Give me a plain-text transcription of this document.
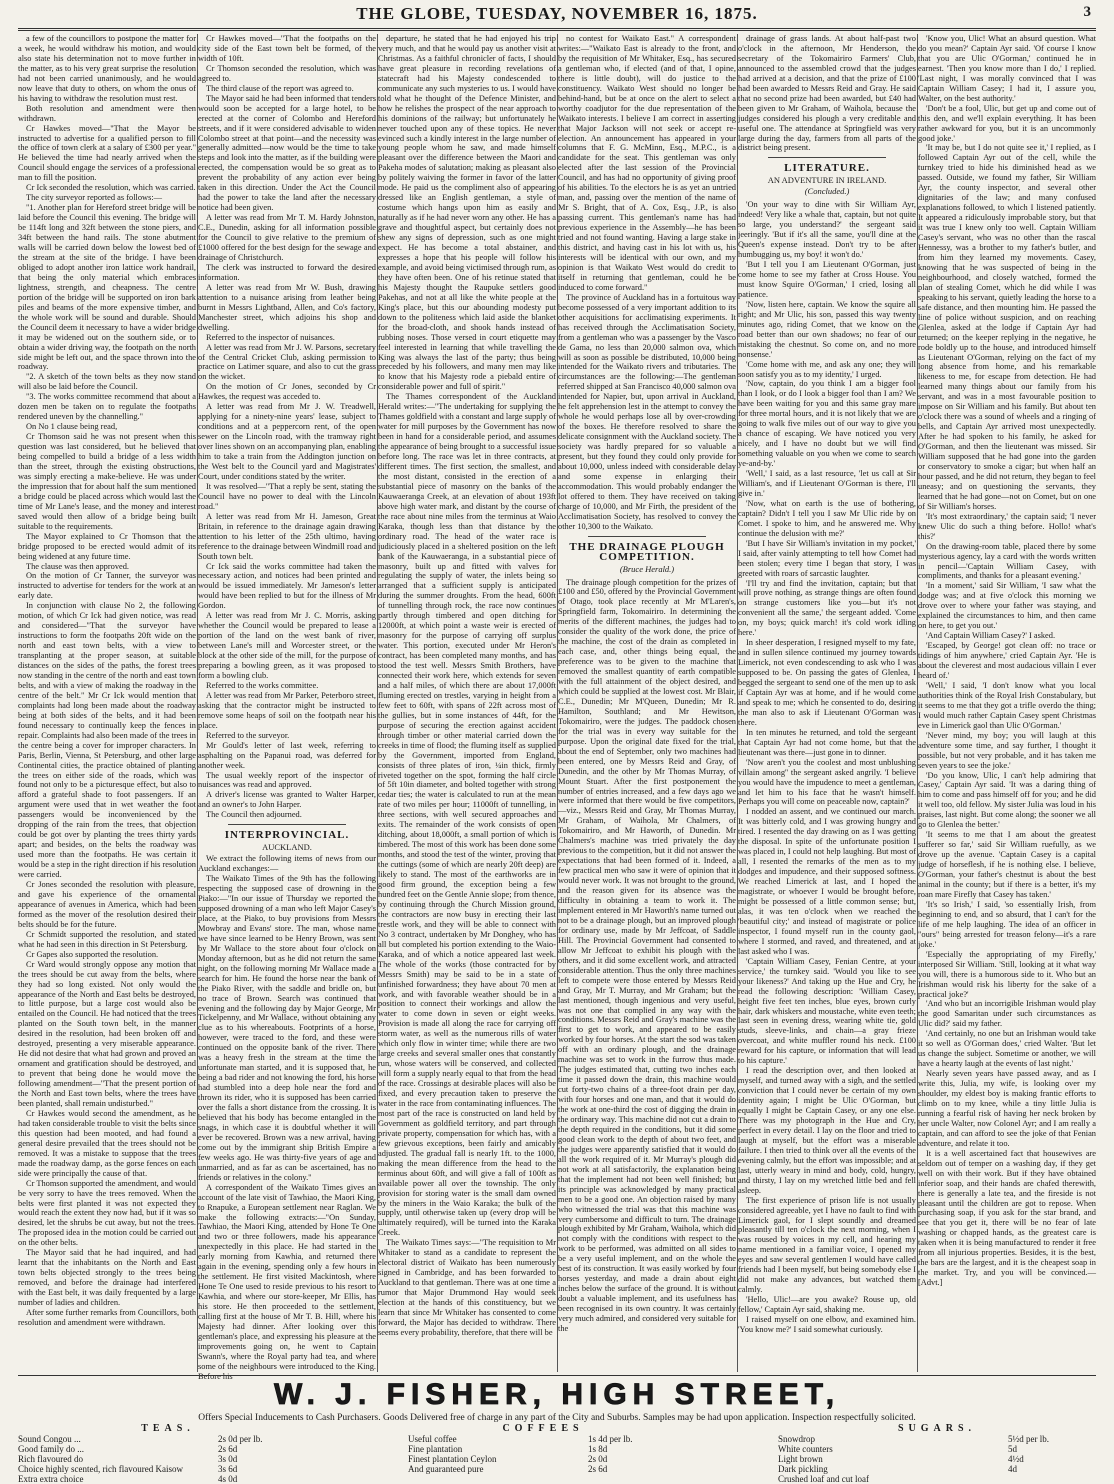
THE GLOBE, TUESDAY, NOVEMBER 16, 1875.	3

a few of the councillors to postpone the matter for a week, he would withdraw his motion, and would also state his determination not to move further in the matter, as to his very great surprise the resolution had not been carried unanimously, and he would now leave that duty to others, on whom the onus of his having to withdraw the resolution must rest.

Both resolution and amendment were then withdrawn.

Cr Hawkes moved—"That the Mayor be instructed to advertise for a qualified person to fill the office of town clerk at a salary of £300 per year." He believed the time had nearly arrived when the Council should engage the services of a professional man to fill the position.

Cr Ick seconded the resolution, which was carried.

The city surveyor reported as follows:—

"1. Another plan for Hereford street bridge will be laid before the Council this evening. The bridge will be 114ft long and 32ft between the stone piers, and 34ft between the hand rails. The stone abutment walls will be carried down below the lowest bed of the stream at the site of the bridge. I have been obliged to adopt another iron lattice work handrail, that being the only material which embraces lightness, strength, and cheapness. The centre portion of the bridge will be supported on iron bark piles and beams of the more expensive timber, and the whole work will be sound and durable. Should the Council deem it necessary to have a wider bridge it may be widened out on the southern side, or to obtain a wider driving way, the footpath on the north side might be left out, and the space thrown into the roadway.

"2. A sketch of the town belts as they now stand will also be laid before the Council.

"3. The works committee recommend that about a dozen men be taken on to regulate the footpaths rendered uneven by the channelling."

On No 1 clause being read,

Cr Thomson said he was not present when this question was last considered, but he believed that being compelled to build a bridge of a less width than the street, through the existing obstructions, was simply erecting a make-believe. He was under the impression that for about half the sum mentioned a bridge could be placed across which would last the time of Mr Lane's lease, and the money and interest saved would then allow of a bridge being built suitable to the requirements.

The Mayor explained to Cr Thomson that the bridge proposed to be erected would admit of its being widened at any future time.

The clause was then approved.

On the motion of Cr Tanner, the surveyor was instructed to advertise for tenders for the work at an early date.

In conjunction with clause No 2, the following motion, of which Cr Ick had given notice, was read and considered—"That the surveyor have instructions to form the footpaths 20ft wide on the north and east town belts, with a view to transplanting at the proper season, at suitable distances on the sides of the paths, the forest trees now standing in the centre of the north and east town belts, and with a view of making the roadway in the centre of the belt." Mr Cr Ick would mention that complaints had long been made about the roadway being at both sides of the belts, and it had been found necessary to continually keep the fences in repair. Complaints had also been made of the trees in the centre being a cover for improper characters. In Paris, Berlin, Vienna, St Petersburg, and other large Continental cities, the practice obtained of planting the trees on either side of the roads, which was found not only to be a picturesque effect, but also to afford a grateful shade to foot passengers. If an argument were used that in wet weather the foot passengers would be inconvenienced by the dropping of the rain from the trees, that objection could be got over by planting the trees thirty yards apart; and besides, on the belts the roadway was used more than the footpaths. He was certain it would be a step in the right direction if his resolution were carried.

Cr Jones seconded the resolution with pleasure, and gave his experience of the ornamental appearance of avenues in America, which had been formed as the mover of the resolution desired their belts should be for the future.

Cr Schmidt supported the resolution, and stated what he had seen in this direction in St Petersburg.

Cr Gapes also supported the resolution.

Cr Ward would strongly oppose any motion that the trees should be cut away from the belts, where they had so long existed. Not only would the appearance of the North and East belts be destroyed, to little purpose, but a large cost would also be entailed on the Council. He had noticed that the trees planted on the South town belt, in the manner desired in the resolution, had been broken off and destroyed, presenting a very miserable appearance. He did not desire that what had grown and proved an ornament and gratification should be destroyed, and to prevent that being done he would move the following amendment—"That the present portion of the North and East town belts, where the trees have been planted, shall remain undisturbed."

Cr Hawkes would second the amendment, as he had taken considerable trouble to visit the belts since this question had been mooted, and had found a general desire prevailed that the trees should not be removed. It was a mistake to suppose that the trees made the roadway damp, as the gorse fences on each side were principally the cause of that.

Cr Thomson supported the amendment, and would be very sorry to have the trees removed. When the belts were first planted it was not expected they would reach the extent they now had, but if it was so desired, let the shrubs be cut away, but not the trees. The proposed idea in the motion could be carried out on the other belts.

The Mayor said that he had inquired, and had learnt that the inhabitants on the North and East town belts objected strongly to the trees being removed, and before the drainage had interfered with the East belt, it was daily frequented by a large number of ladies and children.

After some further remarks from Councillors, both resolution and amendment were withdrawn.

Cr Hawkes moved—"That the footpaths on the city side of the East town belt be formed, of the width of 10ft.

Cr Thomson seconded the resolution, which was agreed to.

The third clause of the report was agreed to.

The Mayor said he had been informed that tenders would soon be accepted for a large hotel, to be erected at the corner of Colombo and Hereford streets, and if it were considered advisable to widen Colombo street at that point—and the necessity was generally admitted—now would be the time to take steps and look into the matter, as if the building were erected, the compensation would be so great as to prevent the probability of any action ever being taken in this direction. Under the Act the Council had the power to take the land after the necessary notice had been given.

A letter was read from Mr T. M. Hardy Johnston, C.E., Dunedin, asking for all information possible for the Council to give relative to the premium of £1000 offered for the best design for the sewage and drainage of Christchurch.

The clerk was instructed to forward the desired information.

A letter was read from Mr W. Bush, drawing attention to a nuisance arising from leather being burnt in Messrs Lightband, Allen, and Co's factory, Manchester street, which adjoins his shop and dwelling.

Referred to the inspector of nuisances.

A letter was read from Mr J. W. Parsons, secretary of the Central Cricket Club, asking permission to practice on Latimer square, and also to cut the grass on the wicket.

On the motion of Cr Jones, seconded by Cr Hawkes, the request was acceded to.

A letter was read from Mr J. W. Treadwell, applying for a ninety-nine years' lease, subject to conditions and at a peppercorn rent, of the open sewer on the Lincoln road, with the tramway right over lines shown on an accompanying plan, enabling him to take a train from the Addington junction on the West belt to the Council yard and Magistrates' Court, under conditions stated by the writer.

It was resolved—"That a reply be sent, stating the Council have no power to deal with the Lincoln road."

A letter was read from Mr H. Jameson, Great Britain, in reference to the drainage again drawing attention to his letter of the 25th ultimo, having reference to the drainage between Windmill road and South town belt.

Cr Ick said the works committee had taken the necessary action, and notices had been printed and would be issued immediately. Mr Jameson's letter would have been replied to but for the illness of Mr Gordon.

A letter was read from Mr J. C. Morris, asking whether the Council would be prepared to lease a portion of the land on the west bank of river, between Lane's mill and Worcester street, or the block at the other side of the mill, for the purpose of preparing a bowling green, as it was proposed to form a bowling club.

Referred to the works committee.

A letter was read from Mr Parker, Peterboro street, asking that the contractor might be instructed to remove some heaps of soil on the footpath near his place.

Referred to the surveyor.

Mr Gould's letter of last week, referring to asphalting on the Papanui road, was deferred for another week.

The usual weekly report of the inspector of nuisances was read and approved.

A driver's license was granted to Walter Harper, and an owner's to John Harper.

The Council then adjourned.

INTERPROVINCIAL.
AUCKLAND.

We extract the following items of news from our Auckland exchanges:—

The Waikato Times of the 9th has the following respecting the supposed case of drowning in the Piako:—"In our issue of Thursday we reported the supposed drowning of a man who left Major Casey's place, at the Piako, to buy provisions from Messrs Mowbray and Evans' store. The man, whose name we have since learned to be Henry Brown, was sent by Mr Wallace to the store about four o'clock on Monday afternoon, but as he did not return the same night, on the following morning Mr Wallace made a search for him. He found the horse near the bank of the Piako River, with the saddle and bridle on, but no trace of Brown. Search was continued that evening and the following day by Major George, Mr Tickelpenny, and Mr Wallace, without obtaining any clue as to his whereabouts. Footprints of a horse, however, were traced to the ford, and these were continued on the opposite bank of the river. There was a heavy fresh in the stream at the time the unfortunate man started, and it is supposed that, he being a bad rider and not knowing the ford, his horse had stumbled into a deep hole near the ford and thrown its rider, who it is supposed has been carried over the falls a short distance from the crossing. It is believed that his body has become entangled in the snags, in which case it is doubtful whether it will ever be recovered. Brown was a new arrival, having come out by the immigrant ship British Empire a few weeks ago. He was thirty-five years of age and unmarried, and as far as can be ascertained, has no friends or relatives in the colony."

A correspondent of the Waikato Times gives an account of the late visit of Tawhiao, the Maori King, to Rnapuke, a European settlement near Raglan. We make the following extracts:—"On Sunday, Tawhiao, the Maori King, attended by Hone Te One and two or three followers, made his appearance unexpectedly in this place. He had started in the early morning from Kawhia, and returned there again in the evening, spending only a few hours in the settlement. He first visited Mackintosh, where Hone Te One used to reside previous to his resort to Kawhia, and where our store-keeper, Mr Ellis, has his store. He then proceeded to the settlement, calling first at the house of Mr T. B. Hill, where his Majesty had dinner. After looking over this gentleman's place, and expressing his pleasure at the improvements going on, he went to Captain Swann's, where the Royal party had tea, and where some of the neighbours were introduced to the King. Before his

departure, he stated that he had enjoyed his trip very much, and that he would pay us another visit at Christmas. As a faithful chronicler of facts, I should have great pleasure in recording revelations of statecraft had his Majesty condescended to communicate any such mysteries to us. I would have told what he thought of the Defence Minister, and how he relishes the prospect of the near approach to his dominions of the railway; but unfortunately he never touched upon any of these topics. He never evinced such a kindly interest in the large number of young people whom he saw, and made himself pleasant over the difference between the Maori and Pakeha modes of salutation; making as pleasant also by politely waiving the former in favor of the latter mode. He paid us the compliment also of appearing dressed like an English gentleman, a style of costume which hangs upon him as easily and naturally as if he had never worn any other. He has a grave and thoughtful aspect, but certainly does not shew any signs of depression, such as one might expect. He has become a total abstainer, and expresses a hope that his people will follow his example, and avoid being victimised through rum, as they have often been. One of his retinue stated that his Majesty thought the Raupuke settlers good Pakehas, and not at all like the white people at the King's place, but this our abounding modesty put down to the politeness which laid aside the blanket for the broad-cloth, and shook hands instead of rubbing noses. Those versed in court etiquette may feel interested in learning that while travelling the King was always the last of the party; thus being preceded by his followers, and many men may like to know that his Majesty rode a piebald entire of considerable power and full of spirit."

The Thames correspondent of the Auckland Herald writes:—"The undertaking for supplying the Thames goldfield with a constant and large supply of water for mill purposes by the Government has now been in hand for a considerable period, and assumes the appearance of being brought to a successful issue before long. The race was let in three contracts, at different times. The first section, the smallest, and the most distant, consisted in the erection of a substantial piece of masonry on the banks of the Kauwaeranga Creek, at an elevation of about 193ft above high water mark, and distant by the course of the race about nine miles from the terminus at Waio Karaka, though less than that distance by the ordinary road. The head of the water race is judiciously placed in a sheltered position on the left bank of the Kauwaeranga, in a substantial piece of masonry, built up and fitted with valves for regulating the supply of water, the inlets being so arranged that a sufficient supply is anticipated during the summer droughts. From the head, 600ft of tunnelling through rock, the race now continues partly through timbered and open ditching for 12000ft, at which point a waste weir is erected of masonry for the purpose of carrying off surplus water. This portion, executed under Mr Heron's contract, has been completed many months, and has stood the test well. Messrs Smith Brothers, have connected their work here, which extends for seven and a half miles, of which there are about 17,000ft fluming erected on trestles, varying in height from a few feet to 60ft, with spans of 22ft across most of the gullies, but in some instances of 44ft, for the purpose of securing the erection against accident through timber or other material carried down the creeks in time of flood; the fluming itself as supplied by the Government, imported from England, consists of three plates of iron, ¼in thick, firmly riveted together on the spot, forming the half circle of 5ft 10in diameter, and bolted together with strong cedar ties; the water is calculated to run at the mean rate of two miles per hour; 11000ft of tunnelling, in three sections, with well secured approaches and exits. The remainder of the work consists of open ditching, about 18,000ft, a small portion of which is timbered. The most of this work has been done some months, and stood the test of the winter, proving that the cuttings (some of which are nearly 20ft deep) are likely to stand. The most of the earthworks are in good firm ground, the exception being a few hundred feet on the Gentle Annie slope; from thence, by continuing through the Church Mission ground, the contractors are now busy in erecting their last trestle work, and they will be able to connect with No 3 contract, undertaken by Mr Donghey, who has all but completed his portion extending to the Waio-Karaka, and of which a notice appeared last week. The whole of the works (those contracted for by Messrs Smith) may be said to be in a state of unfinished forwardness; they have about 70 men at work, and with favorable weather should be in a position to connect their workings and allow the water to come down in seven or eight weeks. Provision is made all along the race for carrying off storm water, as well as the numerous rills of water which only flow in winter time; while there are two large creeks and several smaller ones that constantly run, whose waters will be conserved, and collected will form a supply nearly equal to that from the head of the race. Crossings at desirable places will also be fixed, and every precaution taken to preserve the water in the race from contaminating influences. The most part of the race is constructed on land held by Government as goldfield territory, and part through private property, compensation for which has, with a few grievous exceptions, been fairly and amicably adjusted. The gradual fall is nearly 1ft. to the 1000, making the mean difference from the head to the terminus about 60ft, and will give a fall of 100ft as available power all over the township. The only provision for storing water is the small dam owned by the miners in the Waio Karaka; the bulk of the supply, until otherwise taken up (every drop will be ultimately required), will be turned into the Karaka Creek.

The Waikato Times says:—"The requisition to Mr Whitaker to stand as a candidate to represent the electoral district of Waikato has been numerously signed in Cambridge, and has been forwarded to Auckland to that gentleman. There was at one time a rumor that Major Drummond Hay would seek election at the hands of this constituency, but we learn that since Mr Whitaker has consented to come forward, the Major has decided to withdraw. There seems every probability, therefore, that there will be

no contest for Waikato East." A correspondent writes:—"Waikato East is already to the front, and by the requisition of Mr Whitaker, Esq., has secured a gentleman who, if elected (and of that, I opine, there is little doubt), will do justice to the constituency. Waikato West should no longer be behind-hand, but be at once on the alert to select a worthy coadjutor for the due representation of the Waikato interests. I believe I am correct in asserting that Major Jackson will not seek or accept re-election. An announcement has appeared in your columns that F. G. McMinn, Esq., M.P.C., is a candidate for the seat. This gentleman was only elected after the last session of the Provincial Council, and has had no opportunity of giving proof of his abilities. To the electors he is as yet an untried man, and, passing over the mention of the name of Mr S. Bright, that of A. Cox, Esq., J.P., is also passing current. This gentleman's name has had previous experience in the Assembly—he has been tried and not found wanting. Having a large stake in this district, and having cast in his lot with us, his interests will be identical with our own, and my opinion is that Waikato West would do credit to itself in returning that gentleman, could he be induced to come forward."

The province of Auckland has in a fortuitous way become possessed of a very important addition to its other acquisitions for acclimatising experiments. It has received through the Acclimatisation Society, from a gentleman who was a passenger by the Vasco de Gama, no less than 20,000 salmon ova, which will as soon as possible be distributed, 10,000 being intended for the Waikato rivers and tributaries. The circumstances are the following:—The gentleman referred shipped at San Francisco 40,000 salmon ova intended for Napier, but, upon arrival in Auckland, he felt apprehension lest in the attempt to convey the whole he would perhaps lose all by over-crowding of the boxes. He therefore resolved to share the delicate consignment with the Auckland society. The society was hardly prepared for so valuable a present, but they found they could only provide for about 10,000, unless indeed with considerable delay and some expense in enlarging their accommodation. This would probably endanger the lot offered to them. They have received on taking charge of 10,000, and Mr Firth, the president of the Acclimatisation Society, has resolved to convey the other 10,300 to the Waikato.

THE DRAINAGE PLOUGH COMPETITION.
(Bruce Herald.)

The drainage plough competition for the prizes of £100 and £50, offered by the Provincial Government of Otago, took place recently at Mr M'Laren's, Springfield farm, Tokomairiro. In determining the merits of the different machines, the judges had to consider the quality of the work done, the price of the machine, the cost of the drain as completed in each case, and, other things being equal, the preference was to be given to the machine that removed the smallest quantity of earth compatible with the full attainment of the object desired, and which could be supplied at the lowest cost. Mr Blair, C.E., Dunedin; Mr M'Queen, Dunedin; Mr R. Hamilton, Southland; and Mr Hewitson, Tokomairiro, were the judges. The paddock chosen for the trial was in every way suitable for the purpose. Upon the original date fixed for the trial, about the end of September, only two machines had been entered, one by Messrs Reid and Gray, of Dunedin, and the other by Mr Thomas Murray, of Mount Stuart. After the first postponement the number of entries increased, and a few days ago we were informed that there would be five competitors,—viz., Messrs Reid and Gray, Mr Thomas Murray, Mr Graham, of Waihola, Mr Chalmers, of Tokomairiro, and Mr Haworth, of Dunedin. Mr Chalmers's machine was tried privately the day previous to the competition, but it did not answer the expectations that had been formed of it. Indeed, a few practical men who saw it were of opinion that it would never work. It was not brought to the ground, and the reason given for its absence was the difficulty in obtaining a team to work it. The implement entered in Mr Haworth's name turned out not to be a drainage plough, but an improved plough for ordinary use, made by Mr Jeffcoat, of Saddle Hill. The Provincial Government had consented to allow Mr Jeffcoat to exhibit his plough with the others, and it did some excellent work, and attracted considerable attention. Thus the only three machines left to compete were those entered by Messrs Reid and Gray, Mr T. Murray, and Mr Graham; but the last mentioned, though ingenious and very useful, was not one that complied in any way with the conditions. Messrs Reid and Gray's machine was the first to get to work, and appeared to be easily worked by four horses. At the start the sod was taken off with an ordinary plough, and the drainage machine was set to work in the furrow thus made. The judges estimated that, cutting two inches each time it passed down the drain, this machine would cut forty-two chains of a three-foot drain per day, with four horses and one man, and that it would do the work at one-third the cost of digging the drain in the ordinary way. This machine did not cut a drain to the depth required in the conditions, but it did some good clean work to the depth of about two feet, and the judges were apparently satisfied that it would do all the work required of it. Mr Murray's plough did not work at all satisfactorily, the explanation being that the implement had not been well finished; but its principle was acknowledged by many practical men to be a good one. An objection raised by many who witnessed the trial was that this machine was very cumbersome and difficult to turn. The drainage plough exhibited by Mr Graham, Waihola, which did not comply with the conditions with respect to the work to be performed, was admitted on all sides to be a very useful implement, and on the whole the best of its construction. It was easily worked by four horses yesterday, and made a drain about eight inches below the surface of the ground. It is without doubt a valuable implement, and its usefulness has been recognised in its own country. It was certainly very much admired, and considered very suitable for the

drainage of grass lands. At about half-past two o'clock in the afternoon, Mr Henderson, the secretary of the Tokomairiro Farmers' Club, announced to the assembled crowd that the judges had arrived at a decision, and that the prize of £100 had been awarded to Messrs Reid and Gray. He said that no second prize had been awarded, but £40 had been given to Mr Graham, of Waihola, because the judges considered his plough a very creditable and useful one. The attendance at Springfield was very large during the day, farmers from all parts of the district being present.

LITERATURE.
AN ADVENTURE IN IRELAND.
(Concluded.)

'On your way to dine with Sir William Ayr, indeed! Very like a whale that, captain, but not quite so large, you understand?' the sergeant said jeeringly. 'But if it's all the same, you'll dine at the Queen's expense instead. Don't try to be after humbugging us, my boy! it won't do.'

'But I tell you I am Lieutenant O'Gorman, just come home to see my father at Cross House. You must know Squire O'Gorman,' I cried, losing all patience.

'Now, listen here, captain. We know the squire all right; and Mr Ulic, his son, passed this way twenty minutes ago, riding Comet, that we know on the road better than our own shadows; no fear of our mistaking the chestnut. So come on, and no more nonsense.'

'Come home with me, and ask any one; they will soon satisfy you as to my identity,' I urged.

'Now, captain, do you think I am a bigger fool than I look, or do I look a bigger fool than I am? We have been waiting for you and this same gray mare for three mortal hours, and it is not likely that we are going to walk five miles out of our way to give you a chance of escaping. We have noticed you very nicely, and I have no doubt but we will find something valuable on you when we come to search ye-and-by.'

'Well,' I said, as a last resource, 'let us call at Sir William's, and if Lieutenant O'Gorman is there, I'll give in.'

'Now, what on earth is the use of bothering, captain? Didn't I tell you I saw Mr Ulic ride by on Comet. I spoke to him, and he answered me. Why continue the delusion with me?'

'But I have Sir William's invitation in my pocket,' I said, after vainly attempting to tell how Comet had been stolen; every time I began that story, I was greeted with roars of sarcastic laughter.

'I'll try and find the invitation, captain; but that will prove nothing, as strange things are often found on strange customers like you—but it's not convenient all the same,' the sergeant added. 'Come on, my boys; quick march! it's cold work idling here.'

In sheer desperation, I resigned myself to my fate, and in sullen silence continued my journey towards Limerick, not even condescending to ask who I was supposed to be. On passing the gates of Glenlea, I begged the sergeant to send one of the men up to ask if Captain Ayr was at home, and if he would come and speak to me; which he consented to do, desiring the man also to ask if Lieutenant O'Gorman was there.

In ten minutes he returned, and told the sergeant that Captain Ayr had not come home, but that the lieutenant was there—just gone in to dinner.

'Now aren't you the coolest and most unblushing villain among'' the sergeant asked angrily. 'I believe you would have the impudence to meet a gentleman, and let him to his face that he wasn't himself. Perhaps you will come on peaceable now, captain?'

I nodded an assent, and we continued our march. It was bitterly cold, and I was growing hungry and tired. I resented the day drawing on as I was getting the disposal. In spite of the unfortunate position I was placed in, I could not help laughing. But most of all, I resented the remarks of the men as to my dodges and impudence, and their supposed softness. We reached Limerick at last, and I hoped the magistrate, or whoever I would be brought before, might be possessed of a little common sense; but, alas, it was ten o'clock when we reached the 'beautiful city;' and instead of magistrate or police inspector, I found myself run in the county gaol, where I stormed, and raved, and threatened, and at last asked who I was.

'Captain William Casey, Fenian Centre, at your service,' the turnkey said. 'Would you like to see your likeness?' And taking up the Hue and Cry, he read the following description: 'William Casey, height five feet ten inches, blue eyes, brown curly hair, dark whiskers and moustache, white even teeth; last seen in evening dress, wearing white tie, gold studs, sleeve-links, and chain—a gray frieze overcoat, and white muffler round his neck. £100 reward for his capture, or information that will lead to his capture.'

I read the description over, and then looked at myself, and turned away with a sigh, and the settled conviction that I could never be certain of my own identity again; I might be Ulic O'Gorman, but equally I might be Captain Casey, or any one else. There was my photograph in the Hue and Cry, perfect in every detail. I lay on the floor and tried to laugh at myself, but the effort was a miserable failure. I then tried to think over all the events of the evening calmly, but the effort was impossible; and at last, utterly weary in mind and body, cold, hungry, and thirsty, I lay on my wretched little bed and fell asleep.

The first experience of prison life is not usually considered agreeable, yet I have no fault to find with Limerick gaol, for I slept soundly and dreamed pleasantly till ten o'clock the next morning, when I was roused by voices in my cell, and hearing my name mentioned in a familiar voice, I opened my eyes and saw several gentlemen I would have called friends had I been myself, but being somebody else I did not make any advances, but watched them calmly.

'Hello, Ulic!—are you awake? Rouse up, old fellow,' Captain Ayr said, shaking me.

I raised myself on one elbow, and examined him. 'You know me?' I said somewhat curiously.

'Know you, Ulic! What an absurd question. What do you mean?' Captain Ayr said. 'Of course I know that you are Ulic O'Gorman,' continued he in earnest. 'Then you know more than I do,' I replied. 'Last night, I was morally convinced that I was Captain William Casey; I had it, I assure you, Walter, on the best authority.'

'Don't be a fool, Ulic, but get up and come out of this den, and we'll explain everything. It has been rather awkward for you, but it is an uncommonly good joke.'

'It may be, but I do not quite see it,' I replied, as I followed Captain Ayr out of the cell, while the turnkey tried to hide his diminished head as we passed. Outside, we found my father, Sir William Ayr, the county inspector, and several other dignitaries of the law; and many confused explanations followed, to which I listened patiently. It appeared a ridiculously improbable story, but that it was true I knew only too well. Captain William Casey's servant, who was no other than the rascal Hennessy, was a brother to my father's butler, and from him they learned my movements. Casey, knowing that he was suspected of being in the neighbourhood, and closely watched, formed the plan of stealing Comet, which he did while I was speaking to his servant, quietly leading the horse to a safe distance, and then mounting him. He passed the line of police without suspicion, and on reaching Glenlea, asked at the lodge if Captain Ayr had returned; on the keeper replying in the negative, he rode boldly up to the house, and introduced himself as Lieutenant O'Gorman, relying on the fact of my long absence from home, and his remarkable likeness to me, for escape from detection. He had learned many things about our family from his servant, and was in a most favourable position to impose on Sir William and his family. But about ten o'clock there was a sound of wheels and a ringing of bells, and Captain Ayr arrived most unexpectedly. After he had spoken to his family, he asked for O'Gorman, and then the lieutenant was missed. Sir William supposed that he had gone into the garden or conservatory to smoke a cigar; but when half an hour passed, and he did not return, they began to feel uneasy; and on questioning the servants, they learned that he had gone—not on Comet, but on one of Sir William's horses.

'It's most extraordinary,' the captain said; 'I never knew Ulic do such a thing before. Hollo! what's this?'

On the drawing-room table, placed there by some mysterious agency, lay a card with the words written in pencil—'Captain William Casey, with compliments, and thanks for a pleasant evening.'

'In a moment,' said Sir William, 'I saw what the dodge was; and at five o'clock this morning we drove over to where your father was staying, and explained the circumstances to him, and then came on here, to get you out.'

'And Captain William Casey?' I asked.

'Escaped, by George! got clean off: no trace or tidings of him anywhere,' cried Captain Ayr. 'He is about the cleverest and most audacious villain I ever heard of.'

'Well,' I said, 'I don't know what you local authorities think of the Royal Irish Constabulary, but it seems to me that they got a trifle overdo the thing; I would much rather Captain Casey spent Christmas eve in Limerick gaol than Ulic O'Gorman.'

'Never mind, my boy; you will laugh at this adventure some time, and say further, I thought it possible, but not very probable, and it has taken me seven years to see the joke.'

'Do you know, Ulic, I can't help admiring that Casey,' Captain Ayr said. 'It was a daring thing of him to come and pass himself off for you; and he did it well too, old fellow. My sister Julia was loud in his praises, last night. But come along; the sooner we all go to Glenlea the better.'

'It seems to me that I am about the greatest sufferer so far,' said Sir William ruefully, as we drove up the avenue. 'Captain Casey is a capital judge of horseflesh, if he is nothing else. I believe, O'Gorman, your father's chestnut is about the best animal in the county; but if there is a better, it's my roan mare Firefly that Casey has taken.'

'It's so Irish,' I said, 'so essentially Irish, from beginning to end, and so absurd, that I can't for the life of me help laughing. The idea of an officer in "ours" being arrested for treason felony—it's a rare joke.'

'Especially the appropriating of my Firefly,' interposed Sir William. 'Still, looking at it what way you will, there is a humorous side to it. Who but an Irishman would risk his liberty for the sake of a practical joke?'

'And who but an incorrigible Irishman would play the good Samaritan under such circumstances as Ulic did?' said my father.

'And certainly, no one but an Irishman would take it so well as O'Gorman does,' cried Walter. 'But let us change the subject. Sometime or another, we will have a hearty laugh at the events of last night.'

Nearly seven years have passed away, and as I write this, Julia, my wife, is looking over my shoulder, my eldest boy is making frantic efforts to climb on to my knee, while a tiny little Julia is running a fearful risk of having her neck broken by her uncle Walter, now Colonel Ayr; and I am really a captain, and can afford to see the joke of that Fenian adventure, and relate it too.

It is a well ascertained fact that housewives are seldom out of temper on a washing day, if they get well on with their work. But if they have obtained inferior soap, and their hands are chafed therewith, there is generally a late tea, and the fireside is not pleasant until the children are got to repose. When purchasing soap, if you ask for the star brand, and see that you get it, there will be no fear of late washing or chapped hands, as the greatest care is taken when it is being manufactured to render it free from all injurious properties. Besides, it is the best, the bars are the largest, and it is the cheapest soap in the market. Try, and you will be convinced.—[Advt.]

W. J. FISHER, HIGH STREET,
Offers Special Inducements to Cash Purchasers. Goods Delivered free of charge in any part of the City and Suburbs. Samples may be had upon application. Inspection respectfully solicited.
TEAS.
Sound Congou ...	2s 0d per lb.
Good family do ...	2s 6d
Rich flavoured do	3s 0d
Choice highly scented, rich flavoured Kaisow	3s 6d
Extra extra choice	4s 0d
COFFEES
Useful coffee	1s 4d per lb.
Fine plantation	1s 8d
Finest plantation Ceylon	2s 0d
And guaranteed pure	2s 6d
SUGARS.
Snowdrop	5½d per lb.
White counters	5d
Light brown	4½d
Dark pickling	4d
Crushed loaf and cut loaf
